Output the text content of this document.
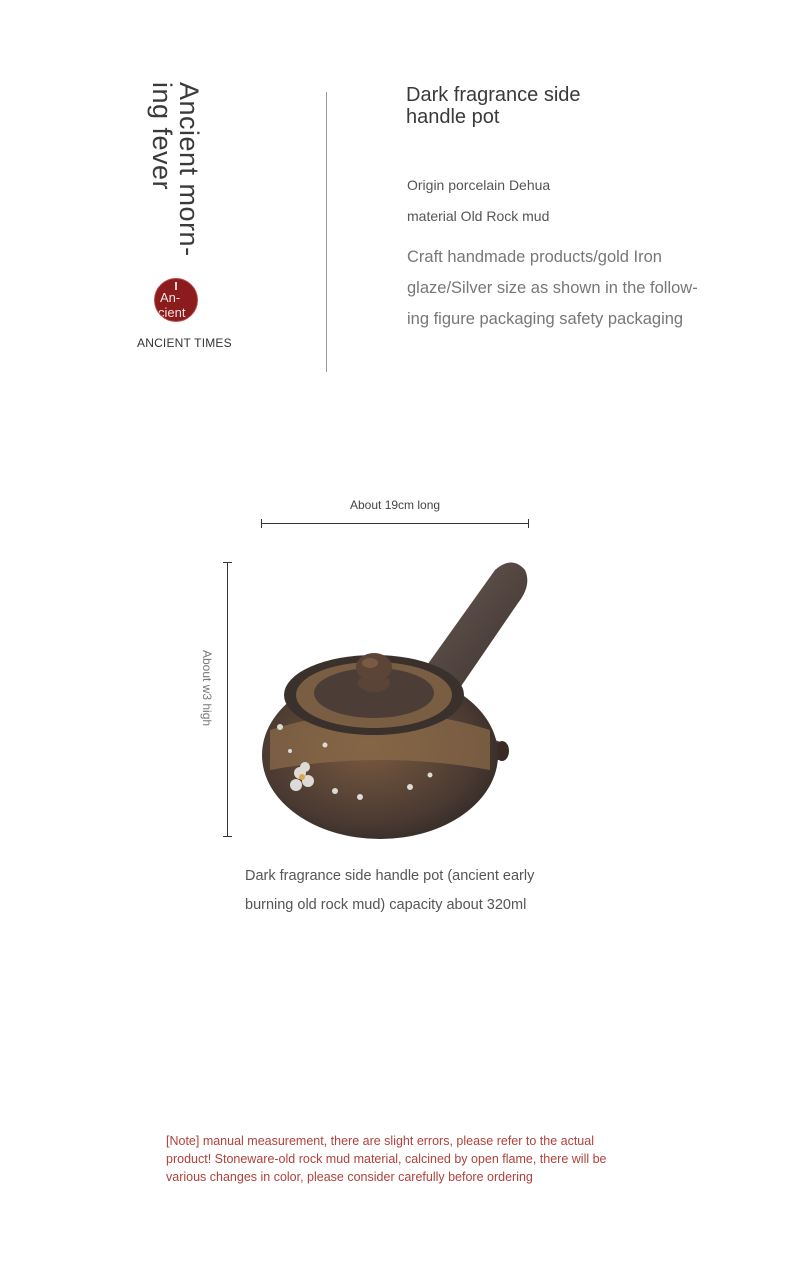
Ancient morn-
ing fever
An-
cient
ANCIENT TIMES
Dark fragrance side handle pot
Origin porcelain Dehua
material Old Rock mud
Craft handmade products/gold Iron glaze/Silver size as shown in the follow-ing figure packaging safety packaging
About 19cm long
About w3 high
Dark fragrance side handle pot (ancient early burning old rock mud) capacity about 320ml
[Note] manual measurement, there are slight errors, please refer to the actual product! Stoneware-old rock mud material, calcined by open flame, there will be various changes in color, please consider carefully before ordering
